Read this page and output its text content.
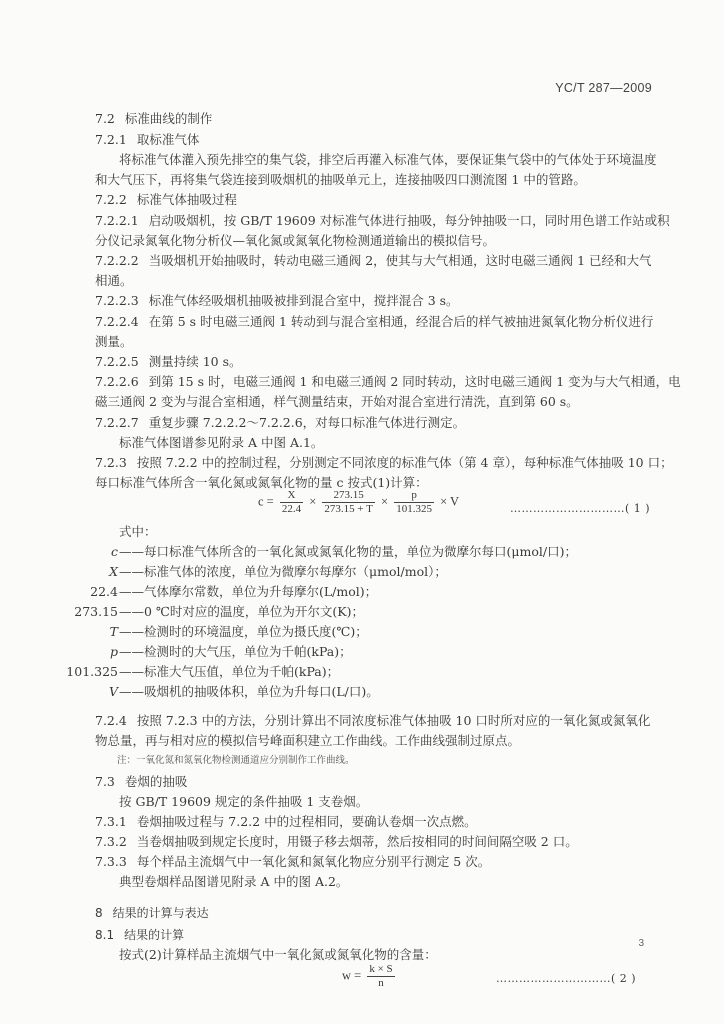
YC/T 287—2009
7.2 标准曲线的制作
7.2.1 取标准气体
将标准气体灌入预先排空的集气袋，排空后再灌入标准气体，要保证集气袋中的气体处于环境温度
和大气压下，再将集气袋连接到吸烟机的抽吸单元上，连接抽吸四口测流图 1 中的管路。
7.2.2 标准气体抽吸过程
7.2.2.1 启动吸烟机，按 GB/T 19609 对标准气体进行抽吸，每分钟抽吸一口，同时用色谱工作站或积
分仪记录氮氧化物分析仪—氧化氮或氮氧化物检测通道输出的模拟信号。
7.2.2.2 当吸烟机开始抽吸时，转动电磁三通阀 2，使其与大气相通，这时电磁三通阀 1 已经和大气
相通。
7.2.2.3 标准气体经吸烟机抽吸被排到混合室中，搅拌混合 3 s。
7.2.2.4 在第 5 s 时电磁三通阀 1 转动到与混合室相通，经混合后的样气被抽进氮氧化物分析仪进行
测量。
7.2.2.5 测量持续 10 s。
7.2.2.6 到第 15 s 时，电磁三通阀 1 和电磁三通阀 2 同时转动，这时电磁三通阀 1 变为与大气相通，电
磁三通阀 2 变为与混合室相通，样气测量结束，开始对混合室进行清洗，直到第 60 s。
7.2.2.7 重复步骤 7.2.2.2～7.2.2.6，对每口标准气体进行测定。
标准气体图谱参见附录 A 中图 A.1。
7.2.3 按照 7.2.2 中的控制过程，分别测定不同浓度的标准气体（第 4 章），每种标准气体抽吸 10 口；
每口标准气体所含一氧化氮或氮氧化物的量 c 按式(1)计算：
$c = \frac{X}{22.4} \times \frac{273.15}{273.15 + T} \times \frac{p}{101.325} \times V$
…………………………( 1 )
式中：
c ——每口标准气体所含的一氧化氮或氮氧化物的量，单位为微摩尔每口(μmol/口)；
X ——标准气体的浓度，单位为微摩尔每摩尔（μmol/mol）；
22.4 ——气体摩尔常数，单位为升每摩尔(L/mol)；
273.15 ——0 ℃时对应的温度，单位为开尔文(K)；
T ——检测时的环境温度，单位为摄氏度(℃)；
p ——检测时的大气压，单位为千帕(kPa)；
101.325 ——标准大气压值，单位为千帕(kPa)；
V ——吸烟机的抽吸体积，单位为升每口(L/口)。
7.2.4 按照 7.2.3 中的方法，分别计算出不同浓度标准气体抽吸 10 口时所对应的一氧化氮或氮氧化
物总量，再与相对应的模拟信号峰面积建立工作曲线。工作曲线强制过原点。
注：一氧化氮和氮氧化物检测通道应分别制作工作曲线。
7.3 卷烟的抽吸
按 GB/T 19609 规定的条件抽吸 1 支卷烟。
7.3.1 卷烟抽吸过程与 7.2.2 中的过程相同，要确认卷烟一次点燃。
7.3.2 当卷烟抽吸到规定长度时，用镊子移去烟蒂，然后按相同的时间间隔空吸 2 口。
7.3.3 每个样品主流烟气中一氧化氮和氮氧化物应分别平行测定 5 次。
典型卷烟样品图谱见附录 A 中的图 A.2。
8 结果的计算与表达
8.1 结果的计算
按式(2)计算样品主流烟气中一氧化氮或氮氧化物的含量：
$w = \frac{k \times S}{n}$	…………………………( 2 )
3
